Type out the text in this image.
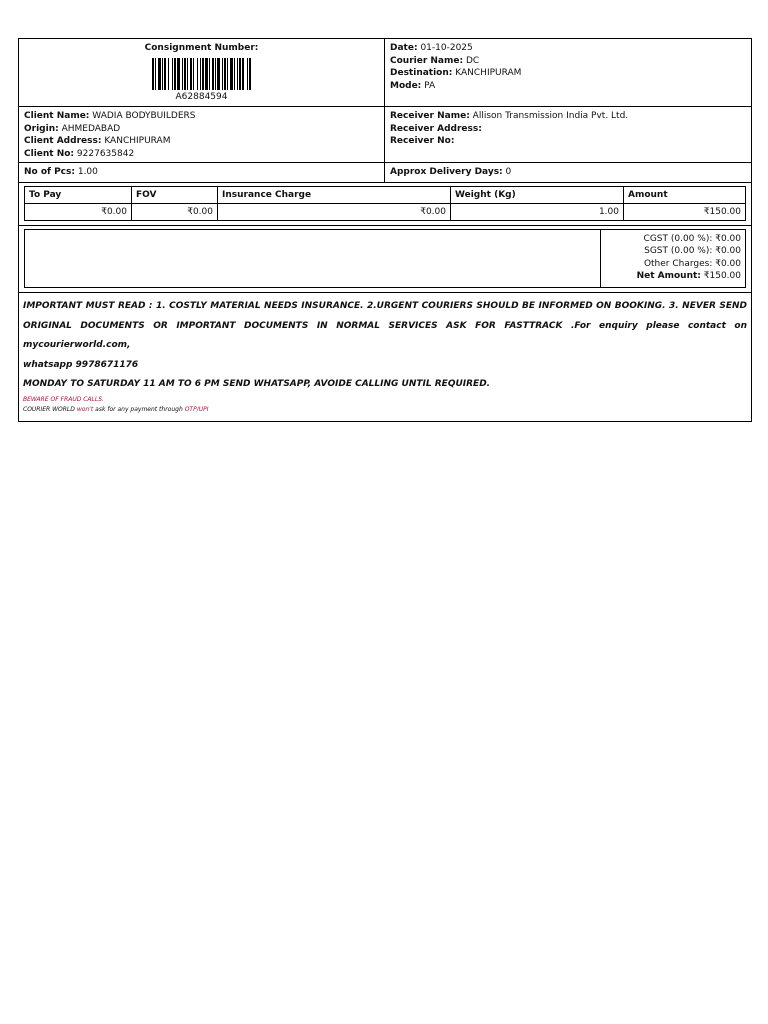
Consignment Number:
A62884594
Date: 01-10-2025
Courier Name: DC
Destination: KANCHIPURAM
Mode: PA
Client Name: WADIA BODYBUILDERS
Origin: AHMEDABAD
Client Address: KANCHIPURAM
Client No: 9227635842
Receiver Name: Allison Transmission India Pvt. Ltd.
Receiver Address:
Receiver No:
No of Pcs: 1.00	Approx Delivery Days: 0
To Pay	FOV	Insurance Charge	Weight (Kg)	Amount
₹0.00	₹0.00	₹0.00	1.00	₹150.00
CGST (0.00 %): ₹0.00
SGST (0.00 %): ₹0.00
Other Charges: ₹0.00
Net Amount: ₹150.00
IMPORTANT MUST READ : 1. COSTLY MATERIAL NEEDS INSURANCE. 2.URGENT COURIERS SHOULD BE INFORMED ON BOOKING. 3. NEVER SEND
ORIGINAL DOCUMENTS OR IMPORTANT DOCUMENTS IN NORMAL SERVICES ASK FOR FASTTRACK .For enquiry please contact on mycourierworld.com,
whatsapp 9978671176
MONDAY TO SATURDAY 11 AM TO 6 PM SEND WHATSAPP, AVOIDE CALLING UNTIL REQUIRED.
BEWARE OF FRAUD CALLS.
COURIER WORLD won't ask for any payment through OTP/UPI
